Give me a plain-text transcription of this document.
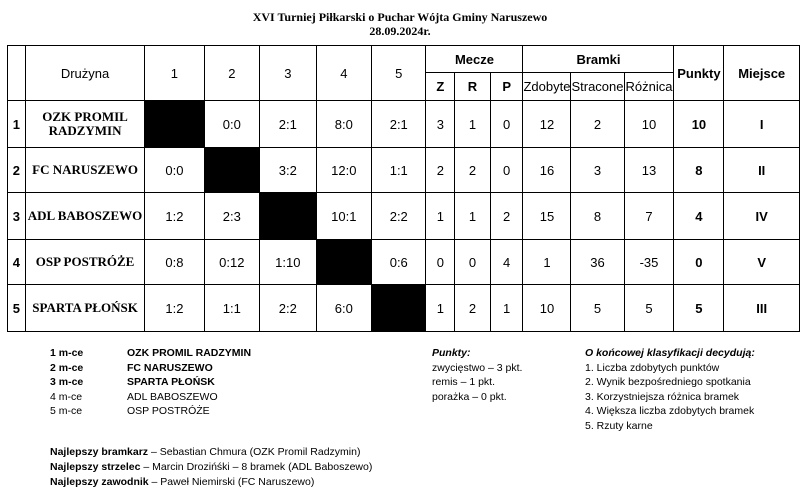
XVI Turniej Piłkarski o Puchar Wójta Gminy Naruszewo
28.09.2024r.
	Drużyna	1	2	3	4	5	Mecze			Bramki			Punkty	Miejsce
							Z	R	P	Zdobyte	Stracone	Różnica		
1	OZK PROMIL RADZYMIN		0:0	2:1	8:0	2:1	3	1	0	12	2	10	10	I
2	FC NARUSZEWO	0:0		3:2	12:0	1:1	2	2	0	16	3	13	8	II
3	ADL BABOSZEWO	1:2	2:3		10:1	2:2	1	1	2	15	8	7	4	IV
4	OSP POSTRÓŻE	0:8	0:12	1:10		0:6	0	0	4	1	36	-35	0	V
5	SPARTA PŁOŃSK	1:2	1:1	2:2	6:0		1	2	1	10	5	5	5	III
1 m-ce	OZK PROMIL RADZYMIN
2 m-ce	FC NARUSZEWO
3 m-ce	SPARTA PŁOŃSK
4 m-ce	ADL BABOSZEWO
5 m-ce	OSP POSTRÓŻE
Punkty:
zwycięstwo – 3 pkt.
remis – 1 pkt.
porażka – 0 pkt.
O końcowej klasyfikacji decydują:
1. Liczba zdobytych punktów
2. Wynik bezpośredniego spotkania
3. Korzystniejsza różnica bramek
4. Większa liczba zdobytych bramek
5. Rzuty karne
Najlepszy bramkarz – Sebastian Chmura (OZK Promil Radzymin)
Najlepszy strzelec – Marcin Drozińśki – 8 bramek (ADL Baboszewo)
Najlepszy zawodnik – Paweł Niemirski (FC Naruszewo)
